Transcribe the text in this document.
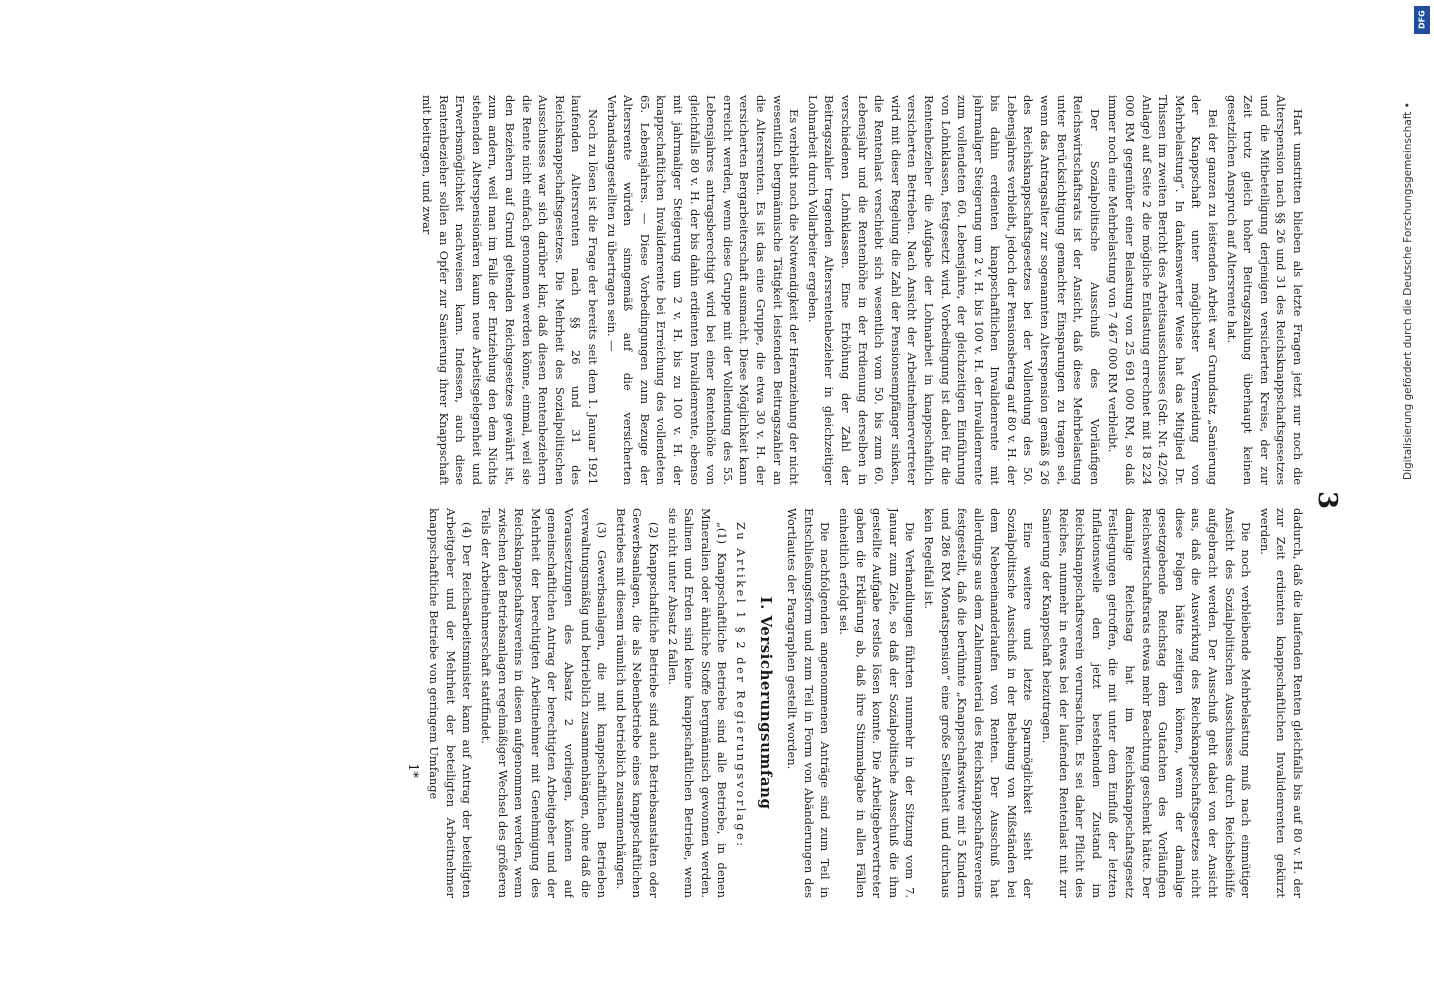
3

Hart umstritten blieben als letzte Fragen jetzt nur noch die Alterspension nach §§ 26 und 31 des Reichsknappschaftsgesetzes und die Mitbeteiligung derjenigen versicherten Kreise, der zur Zeit trotz gleich hoher Beitragszahlung überhaupt keinen gesetzlichen Anspruch auf Altersrente hat.

Bei der ganzen zu leistenden Arbeit war Grundsatz „Sanierung der Knappschaft unter möglichster Vermeidung von Mehrbelastung“. In dankenswerter Weise hat das Mitglied Dr. Thissen im zweiten Bericht des Arbeitsausschusses (Sdr. Nr. 42/26 Anlage) auf Seite 2 die mögliche Entlastung errechnet mit 18 224 000 RM gegenüber einer Belastung von 25 691 000 RM, so daß immer noch eine Mehrbelastung von 7 467 000 RM verbleibt.

Der Sozialpolitische Ausschuß des Vorläufigen Reichswirtschaftsrats ist der Ansicht, daß diese Mehrbelastung unter Berücksichtigung gemachter Einsparungen zu tragen sei, wenn das Antragsalter zur sogenannten Alterspension gemäß § 26 des Reichsknappschaftsgesetzes bei der Vollendung des 50. Lebensjahres verbleibt, jedoch der Pensionsbetrag auf 80 v. H. der bis dahin erdienten knappschaftlichen Invalidenrente mit jahrmaliger Steigerung um 2 v. H. bis 100 v. H. der Invalidenrente zum vollendeten 60. Lebensjahre, der gleichzeitigen Einführung von Lohnklassen, festgesetzt wird. Vorbedingung ist dabei für die Rentenbezieher die Aufgabe der Lohnarbeit in knappschaftlich versicherten Betrieben. Nach Ansicht der Arbeitnehmervertreter wird mit dieser Regelung die Zahl der Pensionsempfänger sinken, die Rentenlast verschiebt sich wesentlich vom 50. bis zum 60. Lebensjahr und die Rentenhöhe in der Erdienung derselben in verschiedenen Lohnklassen. Eine Erhöhung der Zahl der Beitragszahler tragenden Altersrentenbezieher in gleichzeitiger Lohnarbeit durch Vollarbeiter ergeben.

Es verbleibt noch die Notwendigkeit der Heranziehung der nicht wesentlich bergmännische Tätigkeit leistenden Beitragszahler an die Altersrenten. Es ist das eine Gruppe, die etwa 30 v. H. der versicherten Bergarbeiterschaft ausmacht. Diese Möglichkeit kann erreicht werden, wenn diese Gruppe mit der Vollendung des 55. Lebensjahres antragsberechtigt wird bei einer Rentenhöhe von gleichfalls 80 v. H. der bis dahin erdienten Invalidenrente, ebenso mit jahrmaliger Steigerung um 2 v. H. bis zu 100 v. H. der knappschaftlichen Invalidenrente bei Erreichung des vollendeten 65. Lebensjahres. — Diese Vorbedingungen zum Bezuge der Altersrente würden sinngemäß auf die versicherten Verbandsangestellten zu übertragen sein. —

Noch zu lösen ist die Frage der bereits seit dem 1. Januar 1921 laufenden Altersrenten nach §§ 26 und 31 des Reichsknappschaftsgesetzes. Die Mehrheit des Sozialpolitischen Ausschusses war sich darüber klar, daß diesen Rentenbeziehern die Rente nicht einfach genommen werden könne, einmal, weil sie den Beziehern auf Grund geltenden Reichsgesetzes gewährt ist, zum andern, weil man im Falle der Entziehung den dem Nichts stehenden Alterspensionären kaum neue Arbeitsgelegenheit und Erwerbsmöglichkeit nachweisen kann. Indessen, auch diese Rentenbezieher sollen an Opfer zur Sanierung ihrer Knappschaft mit beitragen, und zwar

dadurch, daß die laufenden Renten gleichfalls bis auf 80 v. H. der zur Zeit erdienten knappschaftlichen Invalidenrenten gekürzt werden.

Die noch verbleibende Mehrbelastung muß nach einmütiger Ansicht des Sozialpolitischen Ausschusses durch Reichsbeihilfe aufgebracht werden. Der Ausschuß geht dabei von der Ansicht aus, daß die Auswirkung des Reichsknappschaftsgesetzes nicht diese Folgen hätte zeitigen können, wenn der damalige gesetzgebende Reichstag dem Gutachten des Vorläufigen Reichswirtschaftsrats etwas mehr Beachtung geschenkt hätte. Der damalige Reichstag hat im Reichsknappschaftsgesetz Festlegungen getroffen, die mit unter dem Einfluß der letzten Inflationswelle den jetzt bestehenden Zustand im Reichsknappschaftsverein verursachten. Es sei daher Pflicht des Reiches, nunmehr in etwas bei der laufenden Rentenlast mit zur Sanierung der Knappschaft beizutragen.

Eine weitere und letzte Sparmöglichkeit sieht der Sozialpolitische Ausschuß in der Behebung von Mißständen bei dem Nebeneinanderlaufen von Renten. Der Ausschuß hat allerdings aus dem Zahlenmaterial des Reichsknappschaftsvereins festgestellt, daß die berühmte „Knappschaftswitwe mit 5 Kindern und 286 RM Monatspension“ eine große Seltenheit und durchaus kein Regelfall ist.

Die Verhandlungen führten nunmehr in der Sitzung vom 7. Januar zum Ziele, so daß der Sozialpolitische Ausschuß die ihm gestellte Aufgabe restlos lösen konnte. Die Arbeitgebervertreter gaben die Erklärung ab, daß ihre Stimmabgabe in allen Fällen einheitlich erfolgt sei.

Die nachfolgenden angenommenen Anträge sind zum Teil in Entschließungsform und zum Teil in Form von Abänderungen des Wortlautes der Paragraphen gestellt worden.

I. Versicherungsumfang

Zu Artikel 1 § 2 der Regierungsvorlage:

„(1) Knappschaftliche Betriebe sind alle Betriebe, in denen Mineralien oder ähnliche Stoffe bergmännisch gewonnen werden. Salinen und Erden sind keine knappschaftlichen Betriebe, wenn sie nicht unter Absatz 2 fallen.

(2) Knappschaftliche Betriebe sind auch Betriebsanstalten oder Gewerbsanlagen, die als Nebenbetriebe eines knappschaftlichen Betriebes mit diesem räumlich und betrieblich zusammenhängen.

(3) Gewerbsanlagen, die mit knappschaftlichen Betrieben verwaltungsmäßig und betrieblich zusammenhängen, ohne daß die Voraussetzungen des Absatz 2 vorliegen, können auf gemeinschaftlichen Antrag der berechtigten Arbeitgeber und der Mehrheit der berechtigten Arbeitnehmer mit Genehmigung des Reichsknappschaftsvereins in diesen aufgenommen werden, wenn zwischen den Betriebsanlagen regelmäßiger Wechsel des größeren Teils der Arbeitnehmerschaft stattfindet.

(4) Der Reichsarbeitsminister kann auf Antrag der beteiligten Arbeitgeber und der Mehrheit der beteiligten Arbeitnehmer knappschaftliche Betriebe von geringem Umfange

1*
Digitalisierung gefördert durch die Deutsche Forschungsgemeinschaft •
DFG
